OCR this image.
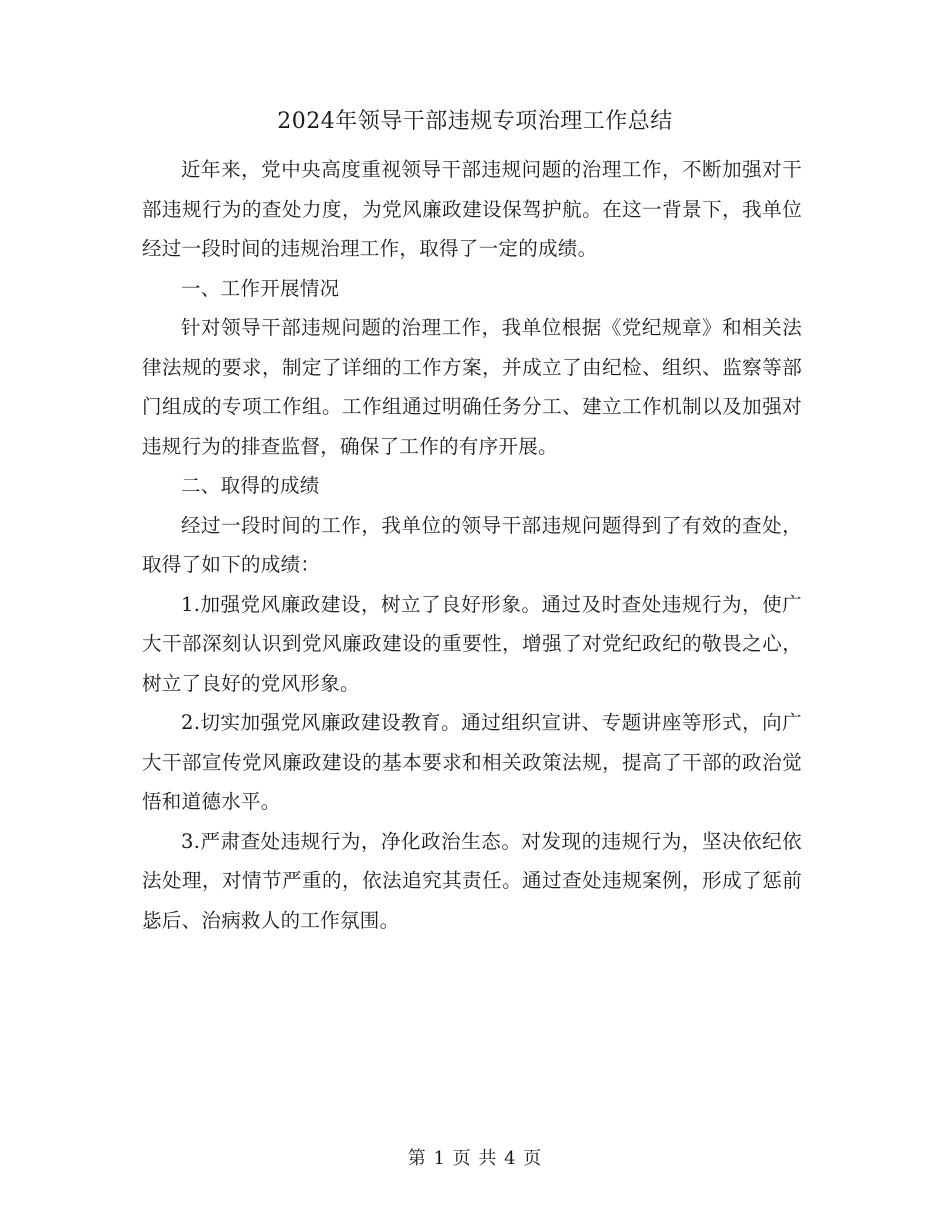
2024年领导干部违规专项治理工作总结

近年来，党中央高度重视领导干部违规问题的治理工作，不断加强对干部违规行为的查处力度，为党风廉政建设保驾护航。在这一背景下，我单位经过一段时间的违规治理工作，取得了一定的成绩。

一、工作开展情况

针对领导干部违规问题的治理工作，我单位根据《党纪规章》和相关法律法规的要求，制定了详细的工作方案，并成立了由纪检、组织、监察等部门组成的专项工作组。工作组通过明确任务分工、建立工作机制以及加强对违规行为的排查监督，确保了工作的有序开展。

二、取得的成绩

经过一段时间的工作，我单位的领导干部违规问题得到了有效的查处，取得了如下的成绩：

1.加强党风廉政建设，树立了良好形象。通过及时查处违规行为，使广大干部深刻认识到党风廉政建设的重要性，增强了对党纪政纪的敬畏之心，树立了良好的党风形象。

2.切实加强党风廉政建设教育。通过组织宣讲、专题讲座等形式，向广大干部宣传党风廉政建设的基本要求和相关政策法规，提高了干部的政治觉悟和道德水平。

3.严肃查处违规行为，净化政治生态。对发现的违规行为，坚决依纪依法处理，对情节严重的，依法追究其责任。通过查处违规案例，形成了惩前毖后、治病救人的工作氛围。

第 1 页 共 4 页
